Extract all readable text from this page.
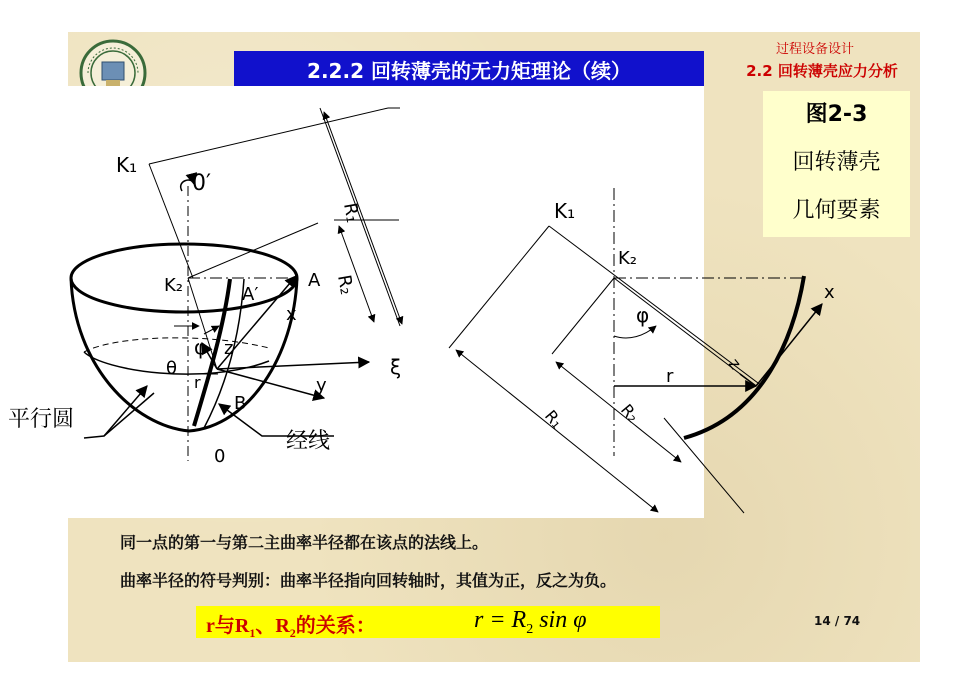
2.2.2 回转薄壳的无力矩理论（续）
过程设备设计
2.2 回转薄壳应力分析
K₁
K₂
0′
0
A
A′
B
x
y
z
ξ
φ
θ
r
R₁
R₂
平行圆
经线
K₁
K₂
x
φ
r
z
R₁	R₂
图2-3
回转薄壳
几何要素
同一点的第一与第二主曲率半径都在该点的法线上。
曲率半径的符号判别：曲率半径指向回转轴时，其值为正，反之为负。
r与$R_1$、$R_2$的关系：	$r = R_2$ sin φ	14 / 74
